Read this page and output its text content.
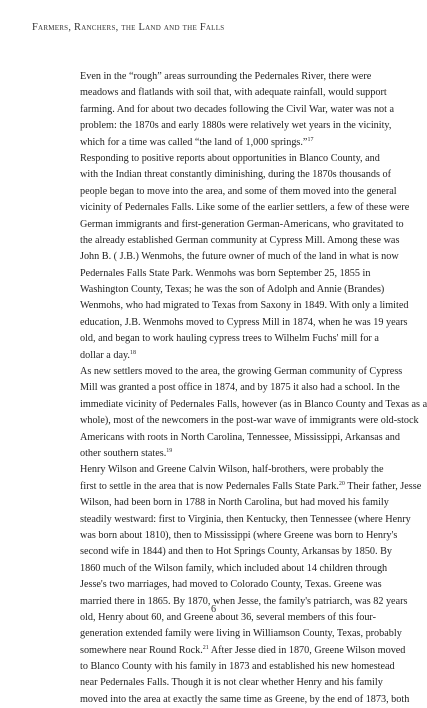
Farmers, Ranchers, the Land and the Falls

Even in the “rough” areas surrounding the Pedernales River, there were
meadows and flatlands with soil that, with adequate rainfall, would support
farming. And for about two decades following the Civil War, water was not a
problem: the 1870s and early 1880s were relatively wet years in the vicinity,
which for a time was called “the land of 1,000 springs.”$^{17}$

Responding to positive reports about opportunities in Blanco County, and
with the Indian threat constantly diminishing, during the 1870s thousands of
people began to move into the area, and some of them moved into the general
vicinity of Pedernales Falls. Like some of the earlier settlers, a few of these were
German immigrants and first-generation German-Americans, who gravitated to
the already established German community at Cypress Mill. Among these was
John B. ( J.B.) Wenmohs, the future owner of much of the land in what is now
Pedernales Falls State Park. Wenmohs was born September 25, 1855 in
Washington County, Texas; he was the son of Adolph and Annie (Brandes)
Wenmohs, who had migrated to Texas from Saxony in 1849. With only a limited
education, J.B. Wenmohs moved to Cypress Mill in 1874, when he was 19 years
old, and began to work hauling cypress trees to Wilhelm Fuchs' mill for a
dollar a day.$^{18}$

As new settlers moved to the area, the growing German community of Cypress
Mill was granted a post office in 1874, and by 1875 it also had a school. In the
immediate vicinity of Pedernales Falls, however (as in Blanco County and Texas as a
whole), most of the newcomers in the post-war wave of immigrants were old-stock
Americans with roots in North Carolina, Tennessee, Mississippi, Arkansas and
other southern states.$^{19}$

Henry Wilson and Greene Calvin Wilson, half-brothers, were probably the
first to settle in the area that is now Pedernales Falls State Park.$^{20}$ Their father, Jesse
Wilson, had been born in 1788 in North Carolina, but had moved his family
steadily westward: first to Virginia, then Kentucky, then Tennessee (where Henry
was born about 1810), then to Mississippi (where Greene was born to Henry's
second wife in 1844) and then to Hot Springs County, Arkansas by 1850. By
1860 much of the Wilson family, which included about 14 children through
Jesse's two marriages, had moved to Colorado County, Texas. Greene was
married there in 1865. By 1870, when Jesse, the family's patriarch, was 82 years
old, Henry about 60, and Greene about 36, several members of this four-
generation extended family were living in Williamson County, Texas, probably
somewhere near Round Rock.$^{21}$ After Jesse died in 1870, Greene Wilson moved
to Blanco County with his family in 1873 and established his new homestead
near Pedernales Falls. Though it is not clear whether Henry and his family
moved into the area at exactly the same time as Greene, by the end of 1873, both

6
